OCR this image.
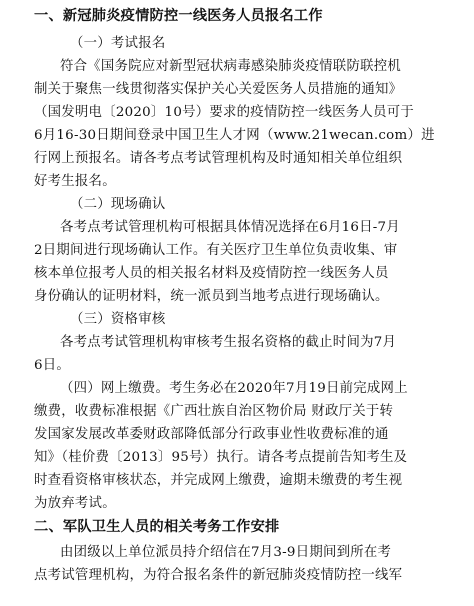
一、新冠肺炎疫情防控一线医务人员报名工作
（一）考试报名
符合《国务院应对新型冠状病毒感染肺炎疫情联防联控机
制关于聚焦一线贯彻落实保护关心关爱医务人员措施的通知》
（国发明电〔2020〕10号）要求的疫情防控一线医务人员可于
6月16-30日期间登录中国卫生人才网（www.21wecan.com）进
行网上预报名。请各考点考试管理机构及时通知相关单位组织
好考生报名。
（二）现场确认
各考点考试管理机构可根据具体情况选择在6月16日-7月
2日期间进行现场确认工作。有关医疗卫生单位负责收集、审
核本单位报考人员的相关报名材料及疫情防控一线医务人员
身份确认的证明材料，统一派员到当地考点进行现场确认。
（三）资格审核
各考点考试管理机构审核考生报名资格的截止时间为7月
6日。
（四）网上缴费。考生务必在2020年7月19日前完成网上
缴费，收费标准根据《广西壮族自治区物价局 财政厅关于转
发国家发展改革委财政部降低部分行政事业性收费标准的通
知》（桂价费〔2013〕95号）执行。请各考点提前告知考生及
时查看资格审核状态，并完成网上缴费，逾期未缴费的考生视
为放弃考试。
二、军队卫生人员的相关考务工作安排
由团级以上单位派员持介绍信在7月3-9日期间到所在考
点考试管理机构，为符合报名条件的新冠肺炎疫情防控一线军
